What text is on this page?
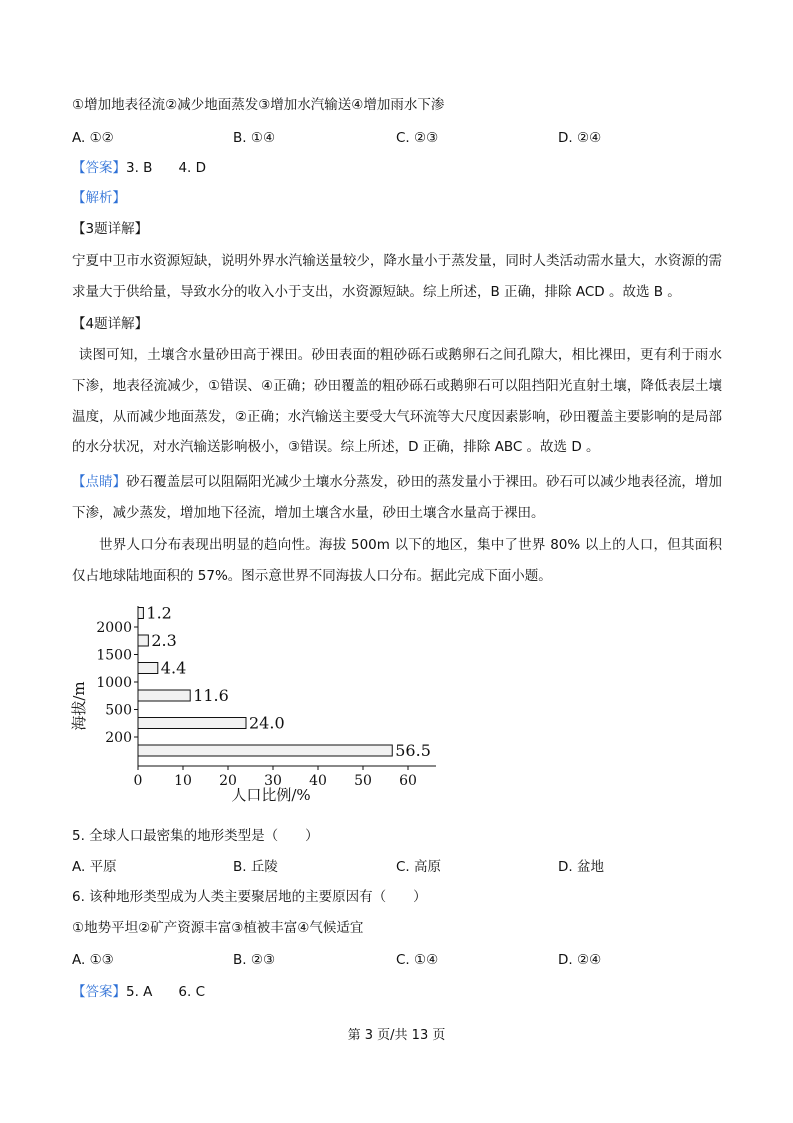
①增加地表径流②减少地面蒸发③增加水汽输送④增加雨水下渗
A. ①②	B. ①④	C. ②③	D. ②④
【答案】3. B 4. D
【解析】
【3题详解】
宁夏中卫市水资源短缺，说明外界水汽输送量较少，降水量小于蒸发量，同时人类活动需水量大，水资源的需求量大于供给量，导致水分的收入小于支出，水资源短缺。综上所述，B 正确，排除 ACD 。故选 B 。
【4题详解】
读图可知，土壤含水量砂田高于裸田。砂田表面的粗砂砾石或鹅卵石之间孔隙大，相比裸田，更有利于雨水下渗，地表径流减少，①错误、④正确；砂田覆盖的粗砂砾石或鹅卵石可以阻挡阳光直射土壤，降低表层土壤温度，从而减少地面蒸发，②正确；水汽输送主要受大气环流等大尺度因素影响，砂田覆盖主要影响的是局部的水分状况，对水汽输送影响极小，③错误。综上所述，D 正确，排除 ABC 。故选 D 。
【点睛】砂石覆盖层可以阻隔阳光减少土壤水分蒸发，砂田的蒸发量小于裸田。砂石可以减少地表径流，增加下渗，减少蒸发，增加地下径流，增加土壤含水量，砂田土壤含水量高于裸田。
世界人口分布表现出明显的趋向性。海拔 500m 以下的地区，集中了世界 80% 以上的人口，但其面积仅占地球陆地面积的 57%。图示意世界不同海拔人口分布。据此完成下面小题。
56.5
24.0
11.6
4.4
2.3
1.2
200
500
1000
1500
2000
0 10 20 30 40 50 60
海拔/m
人口比例/%
5. 全球人口最密集的地形类型是（　　）
A. 平原	B. 丘陵	C. 高原	D. 盆地
6. 该种地形类型成为人类主要聚居地的主要原因有（　　）
①地势平坦②矿产资源丰富③植被丰富④气候适宜
A. ①③	B. ②③	C. ①④	D. ②④
【答案】5. A 6. C
第 3 页/共 13 页
